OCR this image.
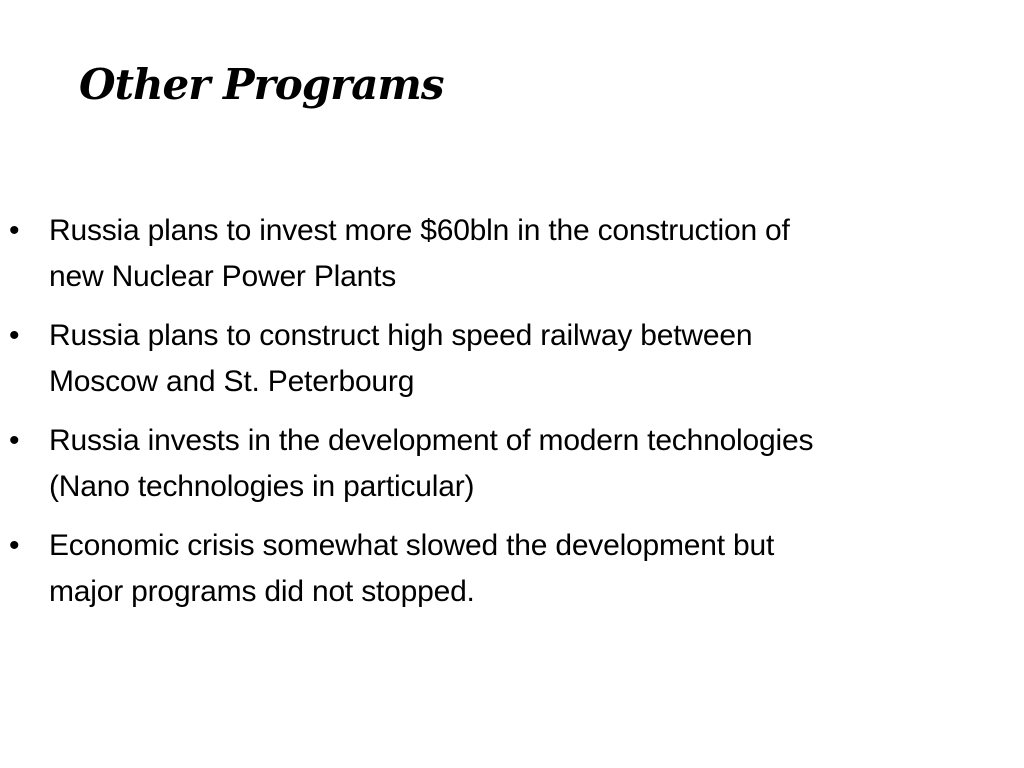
Other Programs
• Russia plans to invest more $60bln in the construction of
new Nuclear Power Plants
• Russia plans to construct high speed railway between
Moscow and St. Peterbourg
• Russia invests in the development of modern technologies
(Nano technologies in particular)
• Economic crisis somewhat slowed the development but
major programs did not stopped.
